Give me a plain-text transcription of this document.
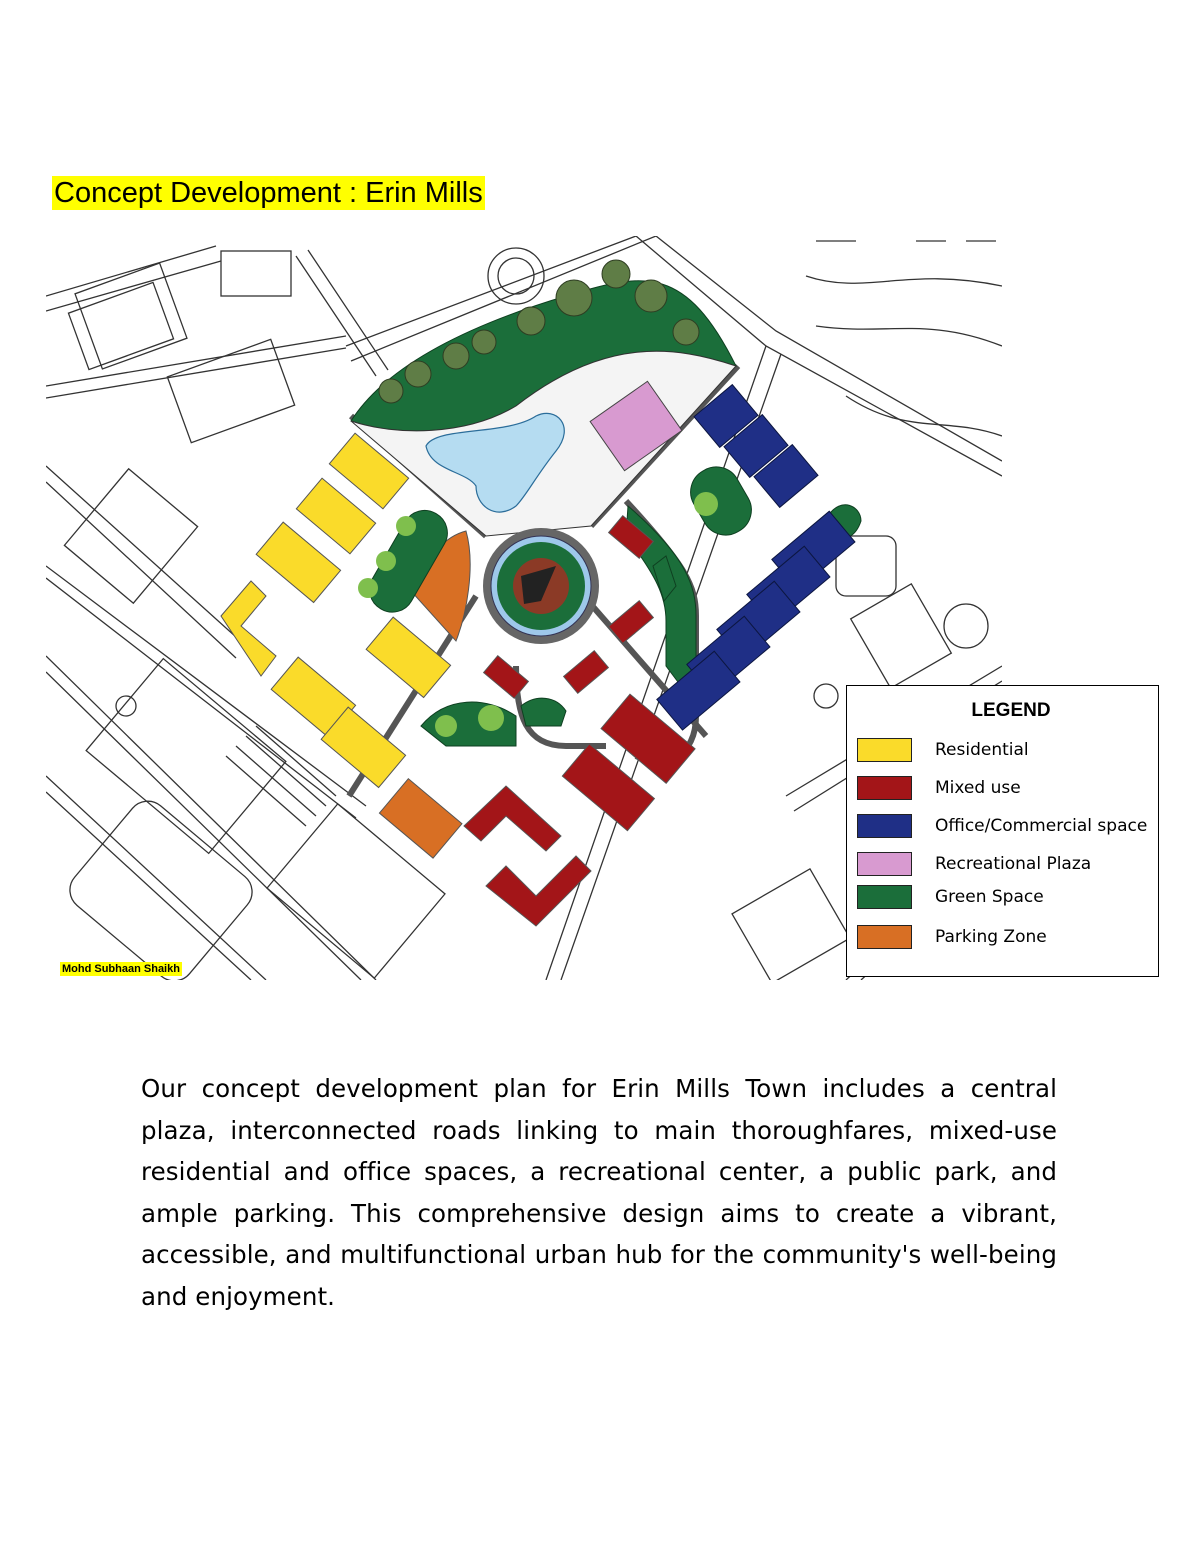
Concept Development : Erin Mills
Mohd Subhaan Shaikh
LEGEND
Residential
Mixed use
Office/Commercial space
Recreational Plaza
Green Space
Parking Zone
Our concept development plan for Erin Mills Town includes a central plaza, interconnected roads linking to main thoroughfares, mixed-use residential and office spaces, a recreational center, a public park, and ample parking. This comprehensive design aims to create a vibrant, accessible, and multifunctional urban hub for the community's well-being and enjoyment.
